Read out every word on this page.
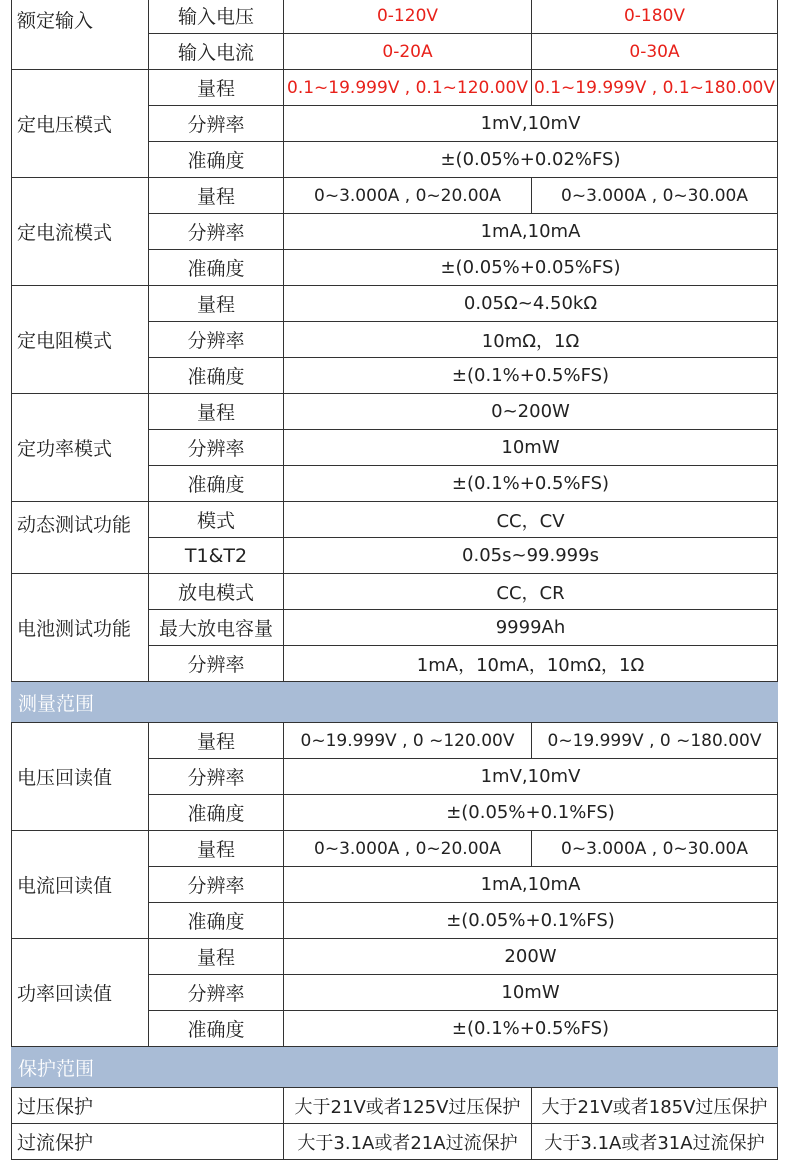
额定输入	输入电压	0-120V	0-180V
	输入电流	0-20A	0-30A
定电压模式	量程	0.1~19.999V , 0.1~120.00V	0.1~19.999V , 0.1~180.00V
	分辨率	1mV,10mV	
	准确度	±(0.05%+0.02%FS)	
定电流模式	量程	0~3.000A , 0~20.00A	0~3.000A , 0~30.00A
	分辨率	1mA,10mA	
	准确度	±(0.05%+0.05%FS)	
定电阻模式	量程	0.05Ω~4.50kΩ	
	分辨率	10mΩ，1Ω	
	准确度	±(0.1%+0.5%FS)	
定功率模式	量程	0~200W	
	分辨率	10mW	
	准确度	±(0.1%+0.5%FS)	
动态测试功能	模式	CC，CV	
	T1&T2	0.05s~99.999s	
电池测试功能	放电模式	CC，CR	
	最大放电容量	9999Ah	
	分辨率	1mA，10mA，10mΩ，1Ω	
测量范围			
电压回读值	量程	0~19.999V , 0 ~120.00V	0~19.999V , 0 ~180.00V
	分辨率	1mV,10mV	
	准确度	±(0.05%+0.1%FS)	
电流回读值	量程	0~3.000A , 0~20.00A	0~3.000A , 0~30.00A
	分辨率	1mA,10mA	
	准确度	±(0.05%+0.1%FS)	
功率回读值	量程	200W	
	分辨率	10mW	
	准确度	±(0.1%+0.5%FS)	
保护范围			
过压保护		大于21V或者125V过压保护	大于21V或者185V过压保护
过流保护		大于3.1A或者21A过流保护	大于3.1A或者31A过流保护
